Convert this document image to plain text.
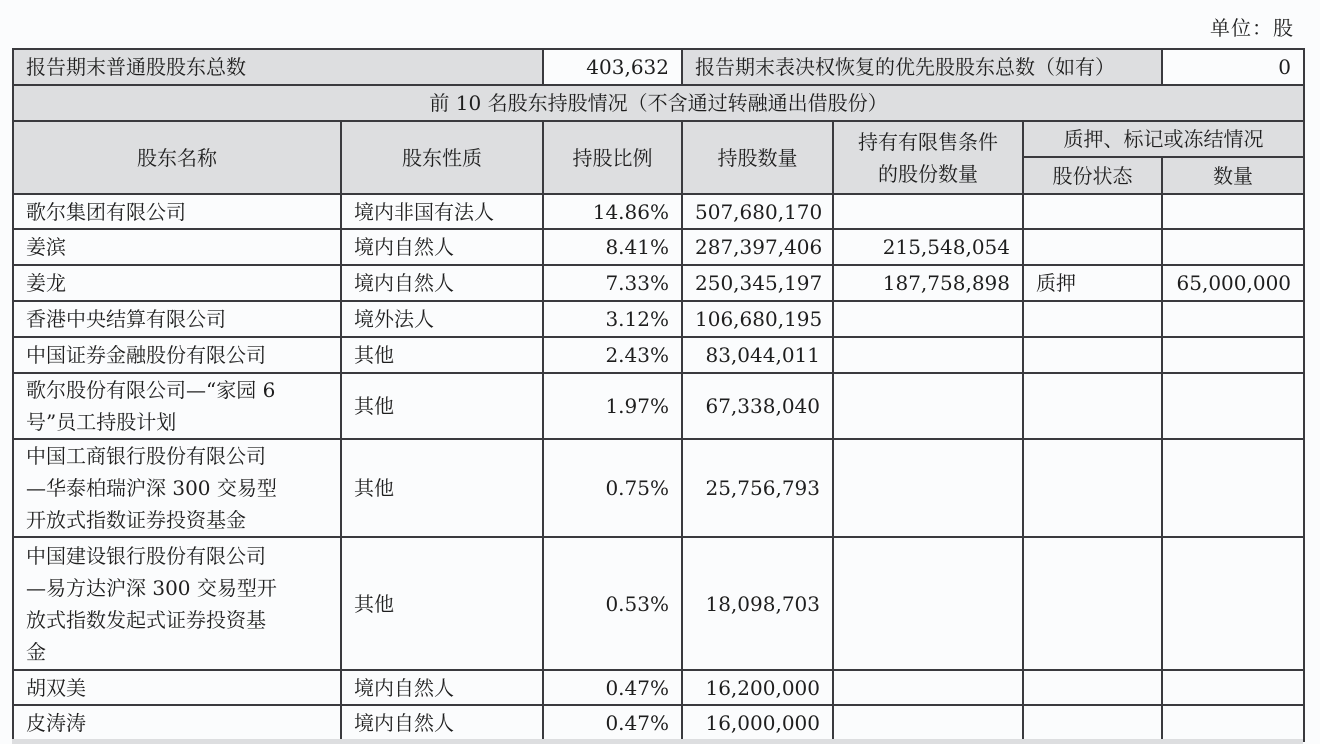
单位：股
报告期末普通股股东总数		403,632	报告期末表决权恢复的优先股股东总数（如有）			0
前 10 名股东持股情况（不含通过转融通出借股份）						
股东名称	股东性质	持股比例	持股数量	持有有限售条件的股份数量	质押、标记或冻结情况	
					股份状态	数量
歌尔集团有限公司	境内非国有法人	14.86%	507,680,170			
姜滨	境内自然人	8.41%	287,397,406	215,548,054		
姜龙	境内自然人	7.33%	250,345,197	187,758,898	质押	65,000,000
香港中央结算有限公司	境外法人	3.12%	106,680,195			
中国证券金融股份有限公司	其他	2.43%	83,044,011			

歌尔股份有限公司—“家园 6
号”员工持股计划	其他	1.97%	67,338,040			

中国工商银行股份有限公司
—华泰柏瑞沪深 300 交易型
开放式指数证券投资基金	其他	0.75%	25,756,793			

中国建设银行股份有限公司
—易方达沪深 300 交易型开
放式指数发起式证券投资基
金	其他	0.53%	18,098,703			
胡双美	境内自然人	0.47%	16,200,000			
皮涛涛	境内自然人	0.47%	16,000,000			
